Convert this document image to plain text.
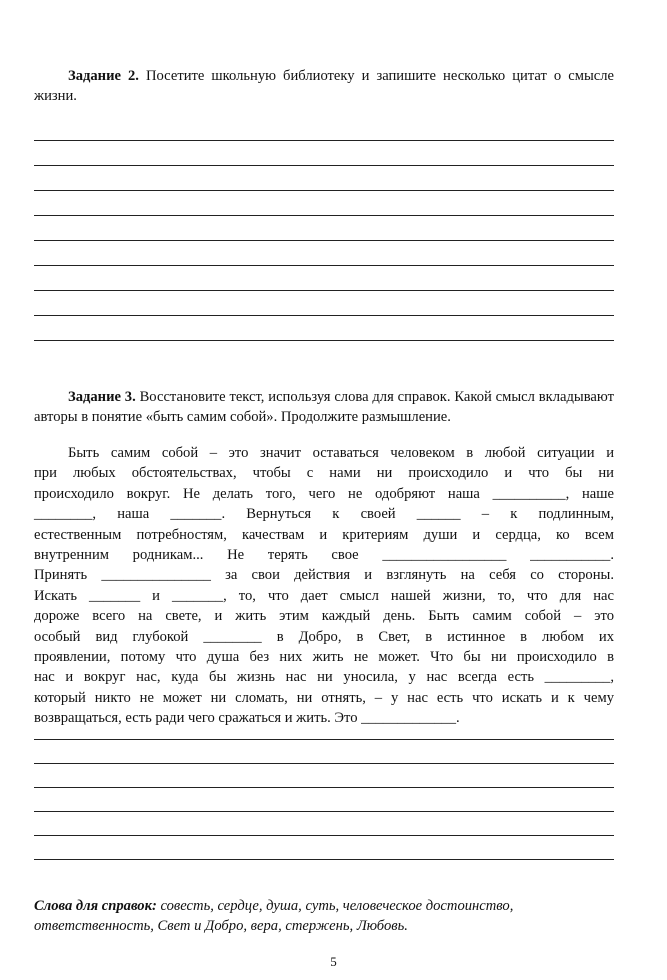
Задание 2. Посетите школьную библиотеку и запишите несколько цитат о смысле жизни.
Задание 3. Восстановите текст, используя слова для справок. Какой смысл вкладывают авторы в понятие «быть самим собой». Продолжите размышление.
Быть самим собой – это значит оставаться человеком в любой ситуации и
при любых обстоятельствах, чтобы с нами ни происходило и что бы ни
происходило вокруг. Не делать того, чего не одобряют наша __________, наше
________, наша _______. Вернуться к своей ______ – к подлинным,
естественным потребностям, качествам и критериям души и сердца, ко всем
внутренним родникам... Не терять свое _________________ ___________.
Принять _______________ за свои действия и взглянуть на себя со стороны.
Искать _______ и _______, то, что дает смысл нашей жизни, то, что для нас
дороже всего на свете, и жить этим каждый день. Быть самим собой – это
особый вид глубокой ________ в Добро, в Свет, в истинное в любом их
проявлении, потому что душа без них жить не может. Что бы ни происходило в
нас и вокруг нас, куда бы жизнь нас ни уносила, у нас всегда есть _________,
который никто не может ни сломать, ни отнять, – у нас есть что искать и к чему
возвращаться, есть ради чего сражаться и жить. Это _____________.
Слова для справок: совесть, сердце, душа, суть, человеческое достоинство, ответственность, Свет и Добро, вера, стержень, Любовь.
5
